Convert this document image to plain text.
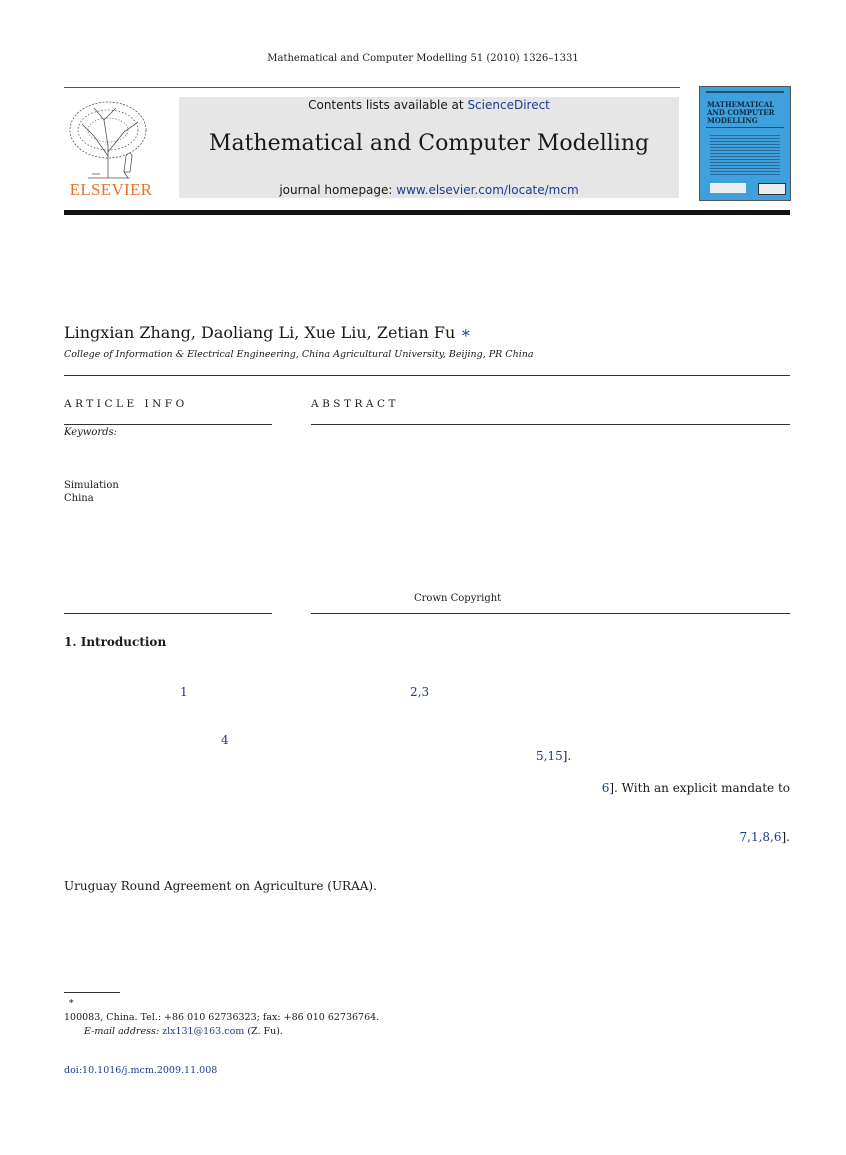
Mathematical and Computer Modelling 51 (2010) 1326–1331
ELSEVIER
Contents lists available at ScienceDirect
Mathematical and Computer Modelling
journal homepage: www.elsevier.com/locate/mcm
MATHEMATICAL
AND COMPUTER
MODELLING
Lingxian Zhang, Daoliang Li, Xue Liu, Zetian Fu ∗
College of Information & Electrical Engineering, China Agricultural University, Beijing, PR China
ARTICLE INFO
Keywords:
Simulation
China
ABSTRACT
Crown Copyright
1. Introduction
1	2,3
4
5,15].
6]. With an explicit mandate to
7,1,8,6].
Uruguay Round Agreement on Agriculture (URAA).
∗
100083, China. Tel.: +86 010 62736323; fax: +86 010 62736764.
E-mail address: zlx131@163.com (Z. Fu).
doi:10.1016/j.mcm.2009.11.008
